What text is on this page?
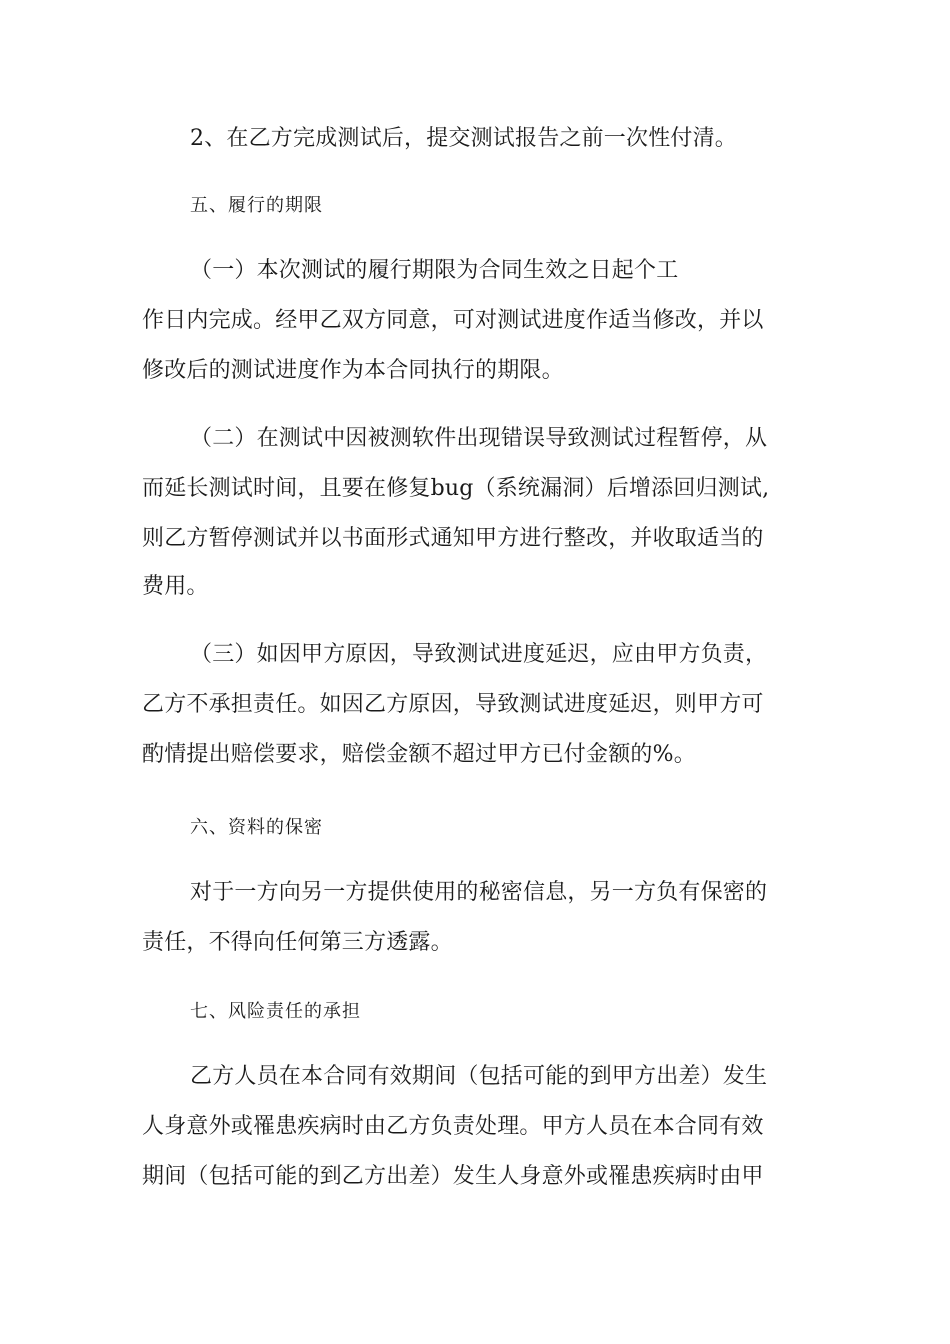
2、在乙方完成测试后，提交测试报告之前一次性付清。
五、履行的期限
（一）本次测试的履行期限为合同生效之日起个工
作日内完成。经甲乙双方同意，可对测试进度作适当修改，并以
修改后的测试进度作为本合同执行的期限。
（二）在测试中因被测软件出现错误导致测试过程暂停，从
而延长测试时间，且要在修复bug（系统漏洞）后增添回归测试,
则乙方暂停测试并以书面形式通知甲方进行整改，并收取适当的
费用。
（三）如因甲方原因，导致测试进度延迟，应由甲方负责，
乙方不承担责任。如因乙方原因，导致测试进度延迟，则甲方可
酌情提出赔偿要求，赔偿金额不超过甲方已付金额的%。
六、资料的保密
对于一方向另一方提供使用的秘密信息，另一方负有保密的
责任，不得向任何第三方透露。
七、风险责任的承担
乙方人员在本合同有效期间（包括可能的到甲方出差）发生
人身意外或罹患疾病时由乙方负责处理。甲方人员在本合同有效
期间（包括可能的到乙方出差）发生人身意外或罹患疾病时由甲
